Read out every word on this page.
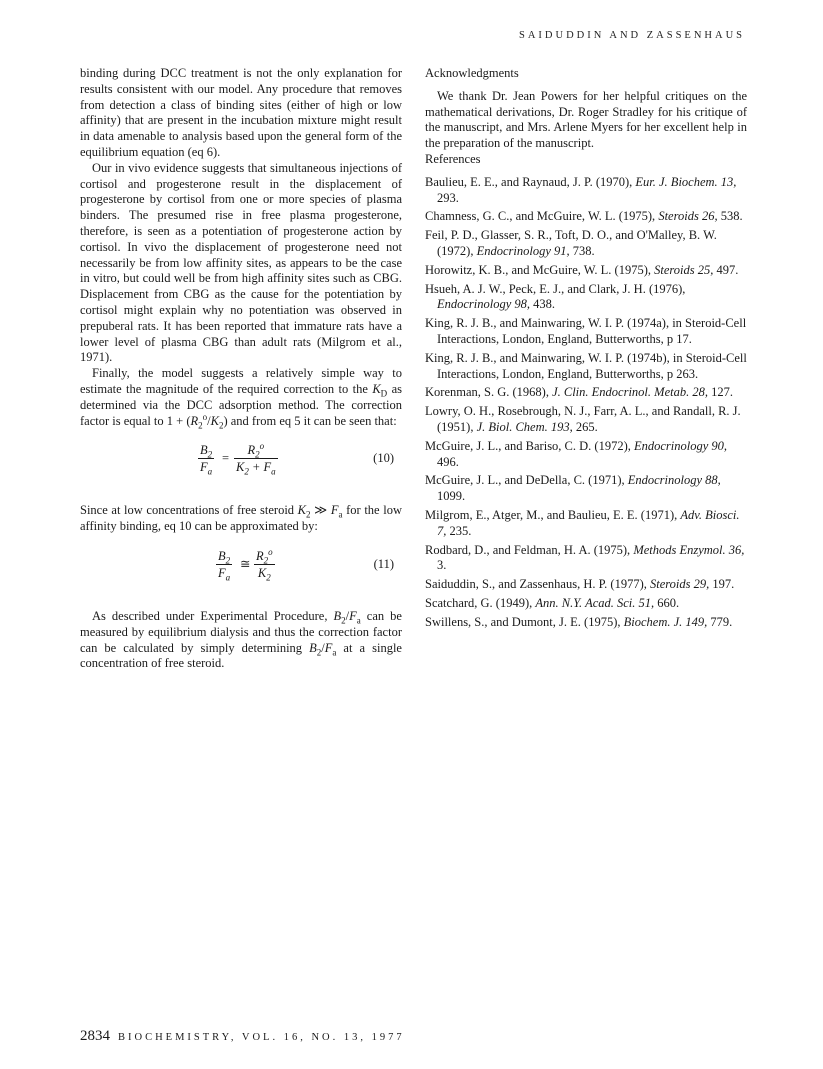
SAIDUDDIN AND ZASSENHAUS

binding during DCC treatment is not the only explanation for results consistent with our model. Any procedure that removes from detection a class of binding sites (either of high or low affinity) that are present in the incubation mixture might result in data amenable to analysis based upon the general form of the equilibrium equation (eq 6).

Our in vivo evidence suggests that simultaneous injections of cortisol and progesterone result in the displacement of progesterone by cortisol from one or more species of plasma binders. The presumed rise in free plasma progesterone, therefore, is seen as a potentiation of progesterone action by cortisol. In vivo the displacement of progesterone need not necessarily be from low affinity sites, as appears to be the case in vitro, but could well be from high affinity sites such as CBG. Displacement from CBG as the cause for the potentiation by cortisol might explain why no potentiation was observed in prepuberal rats. It has been reported that immature rats have a lower level of plasma CBG than adult rats (Milgrom et al., 1971).

Finally, the model suggests a relatively simple way to estimate the magnitude of the required correction to the $K_D$ as determined via the DCC adsorption method. The correction factor is equal to $1 + (R_2^o/K_2)$ and from eq 5 it can be seen that:

$\frac{B_2}{F_a} = \frac{R_2^o}{K_2 + F_a}$	(10)

Since at low concentrations of free steroid $K_2$ ≫ $F_a$ for the low affinity binding, eq 10 can be approximated by:

$\frac{B_2}{F_a}$ ≅ $\frac{R_2^o}{K_2}$	(11)

As described under Experimental Procedure, $B_2/F_a$ can be measured by equilibrium dialysis and thus the correction factor can be calculated by simply determining $B_2/F_a$ at a single concentration of free steroid.

Acknowledgments

We thank Dr. Jean Powers for her helpful critiques on the mathematical derivations, Dr. Roger Stradley for his critique of the manuscript, and Mrs. Arlene Myers for her excellent help in the preparation of the manuscript.

References
Baulieu, E. E., and Raynaud, J. P. (1970), Eur. J. Biochem. 13, 293.
Chamness, G. C., and McGuire, W. L. (1975), Steroids 26, 538.
Feil, P. D., Glasser, S. R., Toft, D. O., and O'Malley, B. W. (1972), Endocrinology 91, 738.
Horowitz, K. B., and McGuire, W. L. (1975), Steroids 25, 497.
Hsueh, A. J. W., Peck, E. J., and Clark, J. H. (1976), Endocrinology 98, 438.
King, R. J. B., and Mainwaring, W. I. P. (1974a), in Steroid-Cell Interactions, London, England, Butterworths, p 17.
King, R. J. B., and Mainwaring, W. I. P. (1974b), in Steroid-Cell Interactions, London, England, Butterworths, p 263.
Korenman, S. G. (1968), J. Clin. Endocrinol. Metab. 28, 127.
Lowry, O. H., Rosebrough, N. J., Farr, A. L., and Randall, R. J. (1951), J. Biol. Chem. 193, 265.
McGuire, J. L., and Bariso, C. D. (1972), Endocrinology 90, 496.
McGuire, J. L., and DeDella, C. (1971), Endocrinology 88, 1099.
Milgrom, E., Atger, M., and Baulieu, E. E. (1971), Adv. Biosci. 7, 235.
Rodbard, D., and Feldman, H. A. (1975), Methods Enzymol. 36, 3.
Saiduddin, S., and Zassenhaus, H. P. (1977), Steroids 29, 197.
Scatchard, G. (1949), Ann. N.Y. Acad. Sci. 51, 660.
Swillens, S., and Dumont, J. E. (1975), Biochem. J. 149, 779.
2834 BIOCHEMISTRY, VOL. 16, NO. 13, 1977
